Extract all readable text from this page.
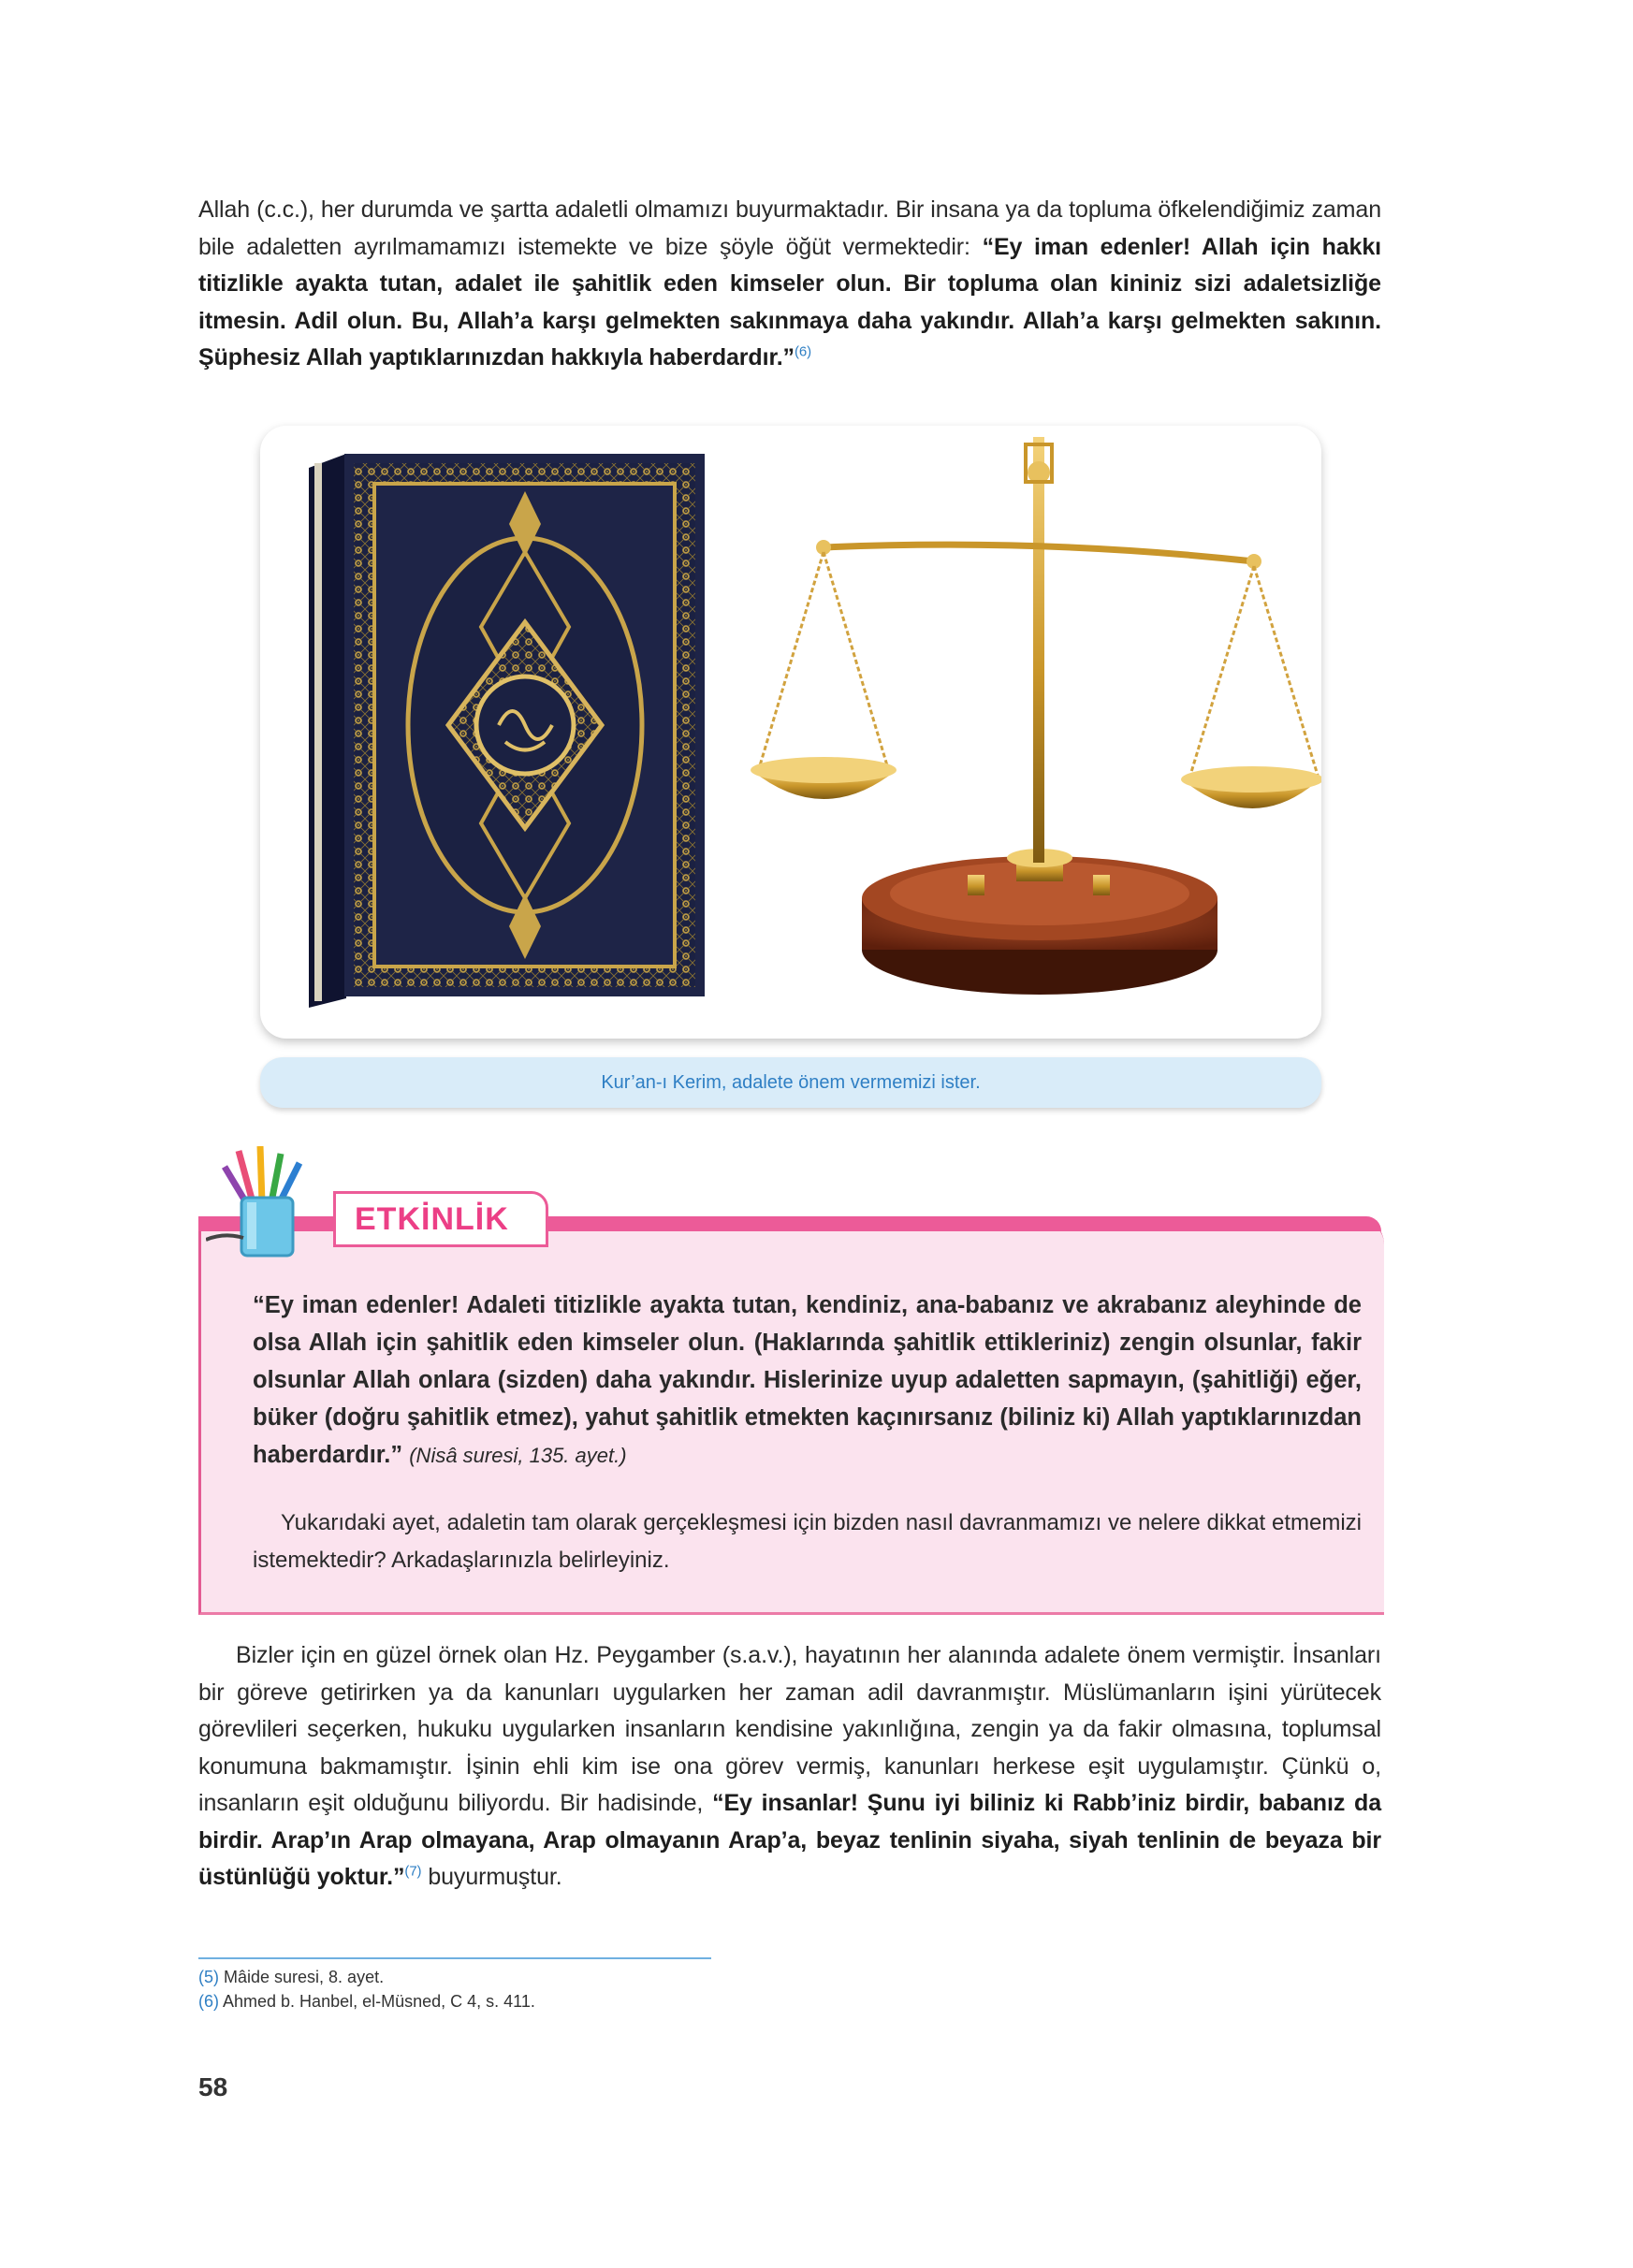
Allah (c.c.), her durumda ve şartta adaletli olmamızı buyurmaktadır. Bir insana ya da topluma öfkelendiğimiz zaman bile adaletten ayrılmamamızı istemekte ve bize şöyle öğüt vermektedir: “Ey iman edenler! Allah için hakkı titizlikle ayakta tutan, adalet ile şahitlik eden kimseler olun. Bir topluma olan kininiz sizi adaletsizliğe itmesin. Adil olun. Bu, Allah’a karşı gelmekten sakınmaya daha yakındır. Allah’a karşı gelmekten sakının. Şüphesiz Allah yaptıklarınızdan hakkıyla haberdardır.”$^{(6)}$
Kur’an-ı Kerim, adalete önem vermemizi ister.
ETKİNLİK
“Ey iman edenler! Adaleti titizlikle ayakta tutan, kendiniz, ana-babanız ve akrabanız aleyhinde de olsa Allah için şahitlik eden kimseler olun. (Haklarında şahitlik ettikleriniz) zengin olsunlar, fakir olsunlar Allah onlara (sizden) daha yakındır. Hislerinize uyup adaletten sapmayın, (şahitliği) eğer, büker (doğru şahitlik etmez), yahut şahitlik etmekten kaçınırsanız (biliniz ki) Allah yaptıklarınızdan haberdardır.” (Nisâ suresi, 135. ayet.)
Yukarıdaki ayet, adaletin tam olarak gerçekleşmesi için bizden nasıl davranmamızı ve nelere dikkat etmemizi istemektedir? Arkadaşlarınızla belirleyiniz.
Bizler için en güzel örnek olan Hz. Peygamber (s.a.v.), hayatının her alanında adalete önem vermiştir. İnsanları bir göreve getirirken ya da kanunları uygularken her zaman adil davranmıştır. Müslümanların işini yürütecek görevlileri seçerken, hukuku uygularken insanların kendisine yakınlığına, zengin ya da fakir olmasına, toplumsal konumuna bakmamıştır. İşinin ehli kim ise ona görev vermiş, kanunları herkese eşit uygulamıştır. Çünkü o, insanların eşit olduğunu biliyordu. Bir hadisinde, “Ey insanlar! Şunu iyi biliniz ki Rabb’iniz birdir, babanız da birdir. Arap’ın Arap olmayana, Arap olmayanın Arap’a, beyaz tenlinin siyaha, siyah tenlinin de beyaza bir üstünlüğü yoktur.”$^{(7)}$ buyurmuştur.
(5) Mâide suresi, 8. ayet.
(6) Ahmed b. Hanbel, el-Müsned, C 4, s. 411.
58
